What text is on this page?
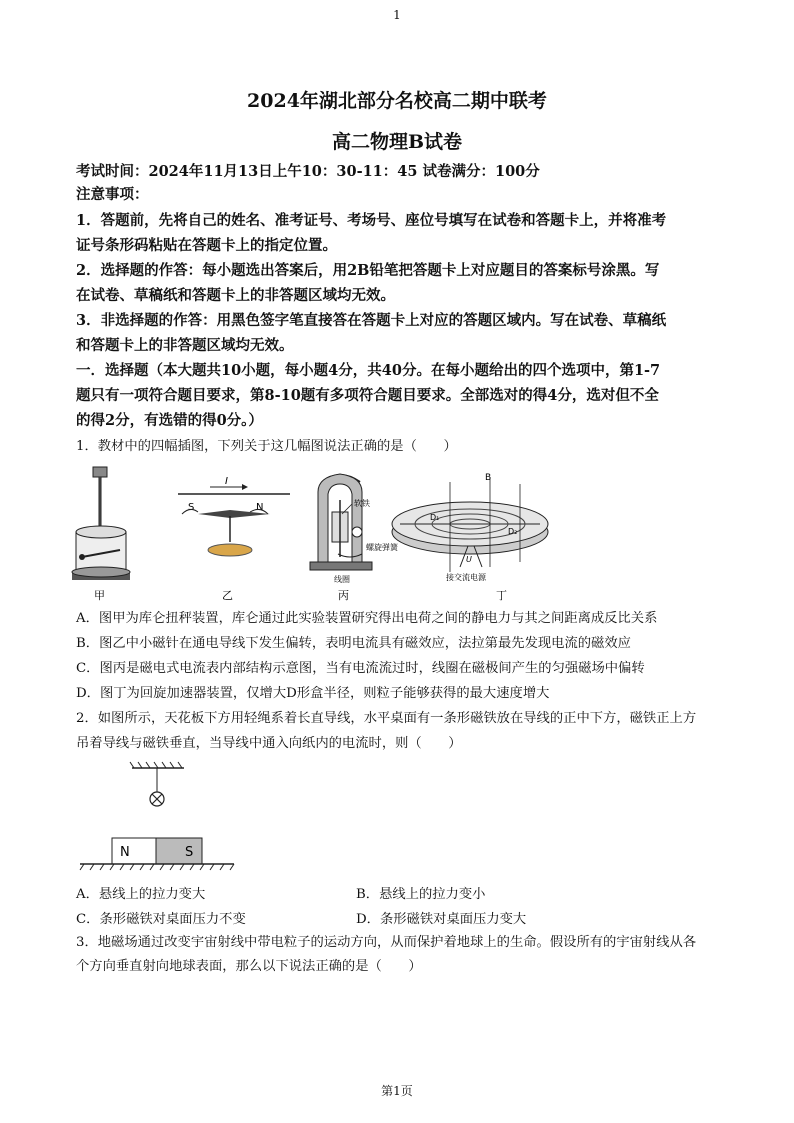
1
2024年湖北部分名校高二期中联考
高二物理B试卷
考试时间：2024年11月13日上午10：30-11：45 试卷满分：100分
注意事项：
1．答题前，先将自己的姓名、准考证号、考场号、座位号填写在试卷和答题卡上，并将准考
证号条形码粘贴在答题卡上的指定位置。
2．选择题的作答：每小题选出答案后，用2B铅笔把答题卡上对应题目的答案标号涂黑。写
在试卷、草稿纸和答题卡上的非答题区域均无效。
3．非选择题的作答：用黑色签字笔直接答在答题卡上对应的答题区域内。写在试卷、草稿纸
和答题卡上的非答题区域均无效。
一．选择题（本大题共10小题，每小题4分，共40分。在每小题给出的四个选项中，第1-7
题只有一项符合题目要求，第8-10题有多项符合题目要求。全部选对的得4分，选对但不全
的得2分，有选错的得0分。）
1．教材中的四幅插图，下列关于这几幅图说法正确的是（　　）
甲
I
S	N
乙
软铁
螺旋弹簧
线圈
丙
B
D₁
D₂
U
接交流电源
丁
A．图甲为库仑扭秤装置，库仑通过此实验装置研究得出电荷之间的静电力与其之间距离成反比关系
B．图乙中小磁针在通电导线下发生偏转，表明电流具有磁效应，法拉第最先发现电流的磁效应
C．图丙是磁电式电流表内部结构示意图，当有电流流过时，线圈在磁极间产生的匀强磁场中偏转
D．图丁为回旋加速器装置，仅增大D形盒半径，则粒子能够获得的最大速度增大
2．如图所示，天花板下方用轻绳系着长直导线，水平桌面有一条形磁铁放在导线的正中下方，磁铁正上方
吊着导线与磁铁垂直，当导线中通入向纸内的电流时，则（　　）
N	S
A．悬线上的拉力变大	B．悬线上的拉力变小
C．条形磁铁对桌面压力不变	D．条形磁铁对桌面压力变大
3．地磁场通过改变宇宙射线中带电粒子的运动方向，从而保护着地球上的生命。假设所有的宇宙射线从各
个方向垂直射向地球表面，那么以下说法正确的是（　　）
第1页
